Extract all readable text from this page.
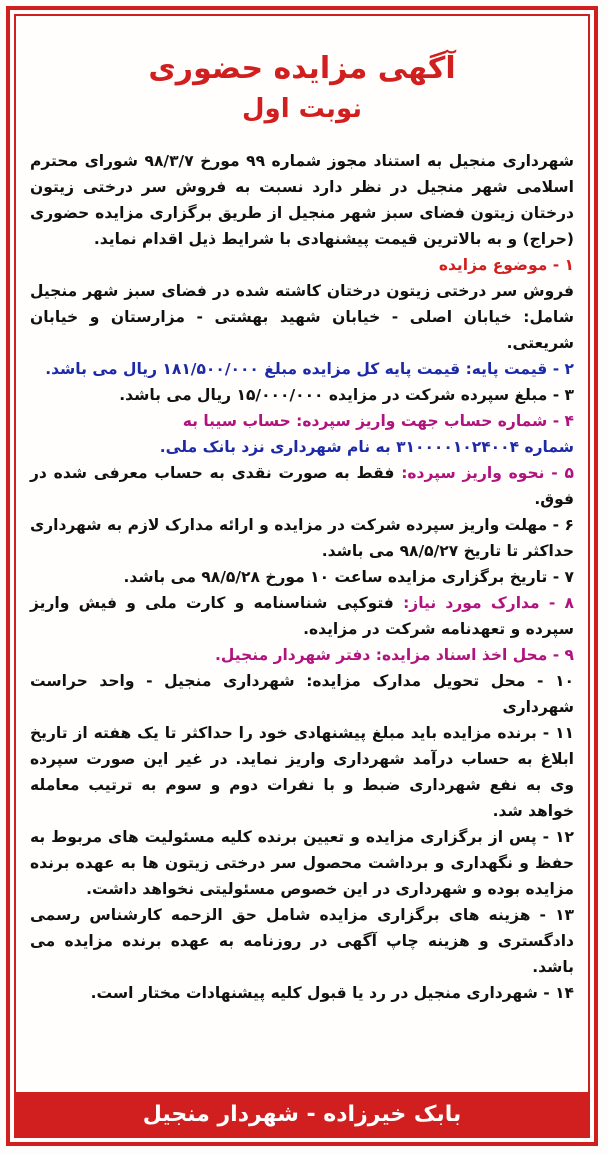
آگهی مزایده حضوری
نوبت اول

شهرداری منجیل به استناد مجوز شماره ۹۹ مورخ ۹۸/۳/۷ شورای محترم اسلامی شهر منجیل در نظر دارد نسبت به فروش سر درختی زیتون درختان زیتون فضای سبز شهر منجیل از طریق برگزاری مزایده حضوری (حراج) و به بالاترین قیمت پیشنهادی با شرایط ذیل اقدام نماید.

۱ - موضوع مزایده

فروش سر درختی زیتون درختان کاشته شده در فضای سبز شهر منجیل شامل: خیابان اصلی - خیابان شهید بهشتی - مزارستان و خیابان شریعتی.

۲ - قیمت پایه: قیمت پایه کل مزایده مبلغ ۱۸۱/۵۰۰/۰۰۰ ریال می باشد.

۳ - مبلغ سپرده شرکت در مزایده ۱۵/۰۰۰/۰۰۰ ریال می باشد.

۴ - شماره حساب جهت واریز سپرده: حساب سیبا به

شماره ۳۱۰۰۰۰۱۰۲۴۰۰۴ به نام شهرداری نزد بانک ملی.

۵ - نحوه واریز سپرده: فقط به صورت نقدی به حساب معرفی شده در فوق.

۶ - مهلت واریز سپرده شرکت در مزایده و ارائه مدارک لازم به شهرداری حداکثر تا تاریخ ۹۸/۵/۲۷ می باشد.

۷ - تاریخ برگزاری مزایده ساعت ۱۰ مورخ ۹۸/۵/۲۸ می باشد.

۸ - مدارک مورد نیاز: فتوکپی شناسنامه و کارت ملی و فیش واریز سپرده و تعهدنامه شرکت در مزایده.

۹ - محل اخذ اسناد مزایده: دفتر شهردار منجیل.

۱۰ - محل تحویل مدارک مزایده: شهرداری منجیل - واحد حراست شهرداری

۱۱ - برنده مزایده باید مبلغ پیشنهادی خود را حداکثر تا یک هفته از تاریخ ابلاغ به حساب درآمد شهرداری واریز نماید. در غیر این صورت سپرده وی به نفع شهرداری ضبط و با نفرات دوم و سوم به ترتیب معامله خواهد شد.

۱۲ - پس از برگزاری مزایده و تعیین برنده کلیه مسئولیت های مربوط به حفظ و نگهداری و برداشت محصول سر درختی زیتون ها به عهده برنده مزایده بوده و شهرداری در این خصوص مسئولیتی نخواهد داشت.

۱۳ - هزینه های برگزاری مزایده شامل حق الزحمه کارشناس رسمی دادگستری و هزینه چاپ آگهی در روزنامه به عهده برنده مزایده می باشد.

۱۴ - شهرداری منجیل در رد یا قبول کلیه پیشنهادات مختار است.

بابک خیرزاده - شهردار منجیل
